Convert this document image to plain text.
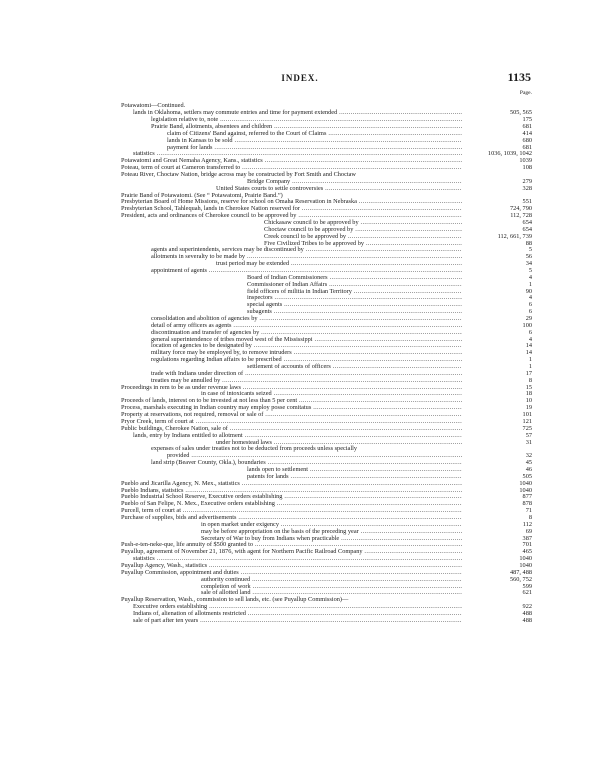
INDEX.	1135
Page.
Potawatomi—Continued.
lands in Oklahoma, settlers may commute entries and time for payment extended .....	505, 565
legislation relative to, note .....	175
Prairie Band, allotments, absentees and children .....	681
claim of Citizens' Band against, referred to the Court of Claims .....	414
lands in Kansas to be sold .....	680
payment for lands .....	681
statistics .....	1036, 1039, 1042
Potawatomi and Great Nemaha Agency, Kans., statistics .....	1039
Poteau, term of court at Cameron transferred to .....	108
Poteau River, Choctaw Nation, bridge across may be constructed by Fort Smith and Choctaw
Bridge Company .....	279
United States courts to settle controversies .....	328
Prairie Band of Potawatomi. (See “ Potawatomi, Prairie Band.”)
Presbyterian Board of Home Missions, reserve for school on Omaha Reservation in Nebraska .....	551
Presbyterian School, Tahlequah, lands in Cherokee Nation reserved for .....	724, 790
President, acts and ordinances of Cherokee council to be approved by .....	112, 728
Chickasaw council to be approved by .....	654
Choctaw council to be approved by .....	654
Creek council to be approved by .....	112, 661, 739
Five Civilized Tribes to be approved by .....	88
agents and superintendents, services may be discontinued by .....	5
allotments in severalty to be made by .....	56
trust period may be extended .....	34
appointment of agents .....	5
Board of Indian Commissioners .....	4
Commissioner of Indian Affairs .....	1
field officers of militia in Indian Territory .....	90
inspectors .....	4
special agents .....	6
subagents .....	6
consolidation and abolition of agencies by .....	29
detail of army officers as agents .....	100
discontinuation and transfer of agencies by .....	6
general superintendence of tribes moved west of the Mississippi .....	4
location of agencies to be designated by .....	14
military force may be employed by, to remove intruders .....	14
regulations regarding Indian affairs to be prescribed .....	1
settlement of accounts of officers .....	1
trade with Indians under direction of .....	17
treaties may be annulled by .....	8
Proceedings in rem to be as under revenue laws .....	15
in case of intoxicants seized .....	18
Proceeds of lands, interest on to be invested at not less than 5 per cent .....	10
Process, marshals executing in Indian country may employ posse comitatus .....	19
Property at reservations, not required, removal or sale of .....	101
Pryor Creek, term of court at .....	121
Public buildings, Cherokee Nation, sale of .....	725
lands, entry by Indians entitled to allotment .....	57
under homestead laws .....	31
expenses of sales under treaties not to be deducted from proceeds unless specially
provided .....	32
land strip (Beaver County, Okla.), boundaries .....	45
lands open to settlement .....	46
patents for lands .....	505
Pueblo and Jicarilla Agency, N. Mex., statistics .....	1040
Pueblo Indians, statistics .....	1040
Pueblo Industrial School Reserve, Executive orders establishing .....	877
Pueblo of San Felipe, N. Mex., Executive orders establishing .....	878
Purcell, term of court at .....	71
Purchase of supplies, bids and advertisements .....	8
in open market under exigency .....	112
may be before appropriation on the basis of the preceding year .....	69
Secretary of War to buy from Indians when practicable .....	387
Push-e-ten-neke-que, life annuity of $500 granted to .....	701
Puyallup, agreement of November 21, 1876, with agent for Northern Pacific Railroad Company .....	465
statistics .....	1040
Puyallup Agency, Wash., statistics .....	1040
Puyallup Commission, appointment and duties .....	487, 488
authority continued .....	560, 752
completion of work .....	599
sale of allotted land .....	621
Puyallup Reservation, Wash., commission to sell lands, etc. (see Puyallup Commission)—
Executive orders establishing .....	922
Indians of, alienation of allotments restricted .....	488
sale of part after ten years .....	488
